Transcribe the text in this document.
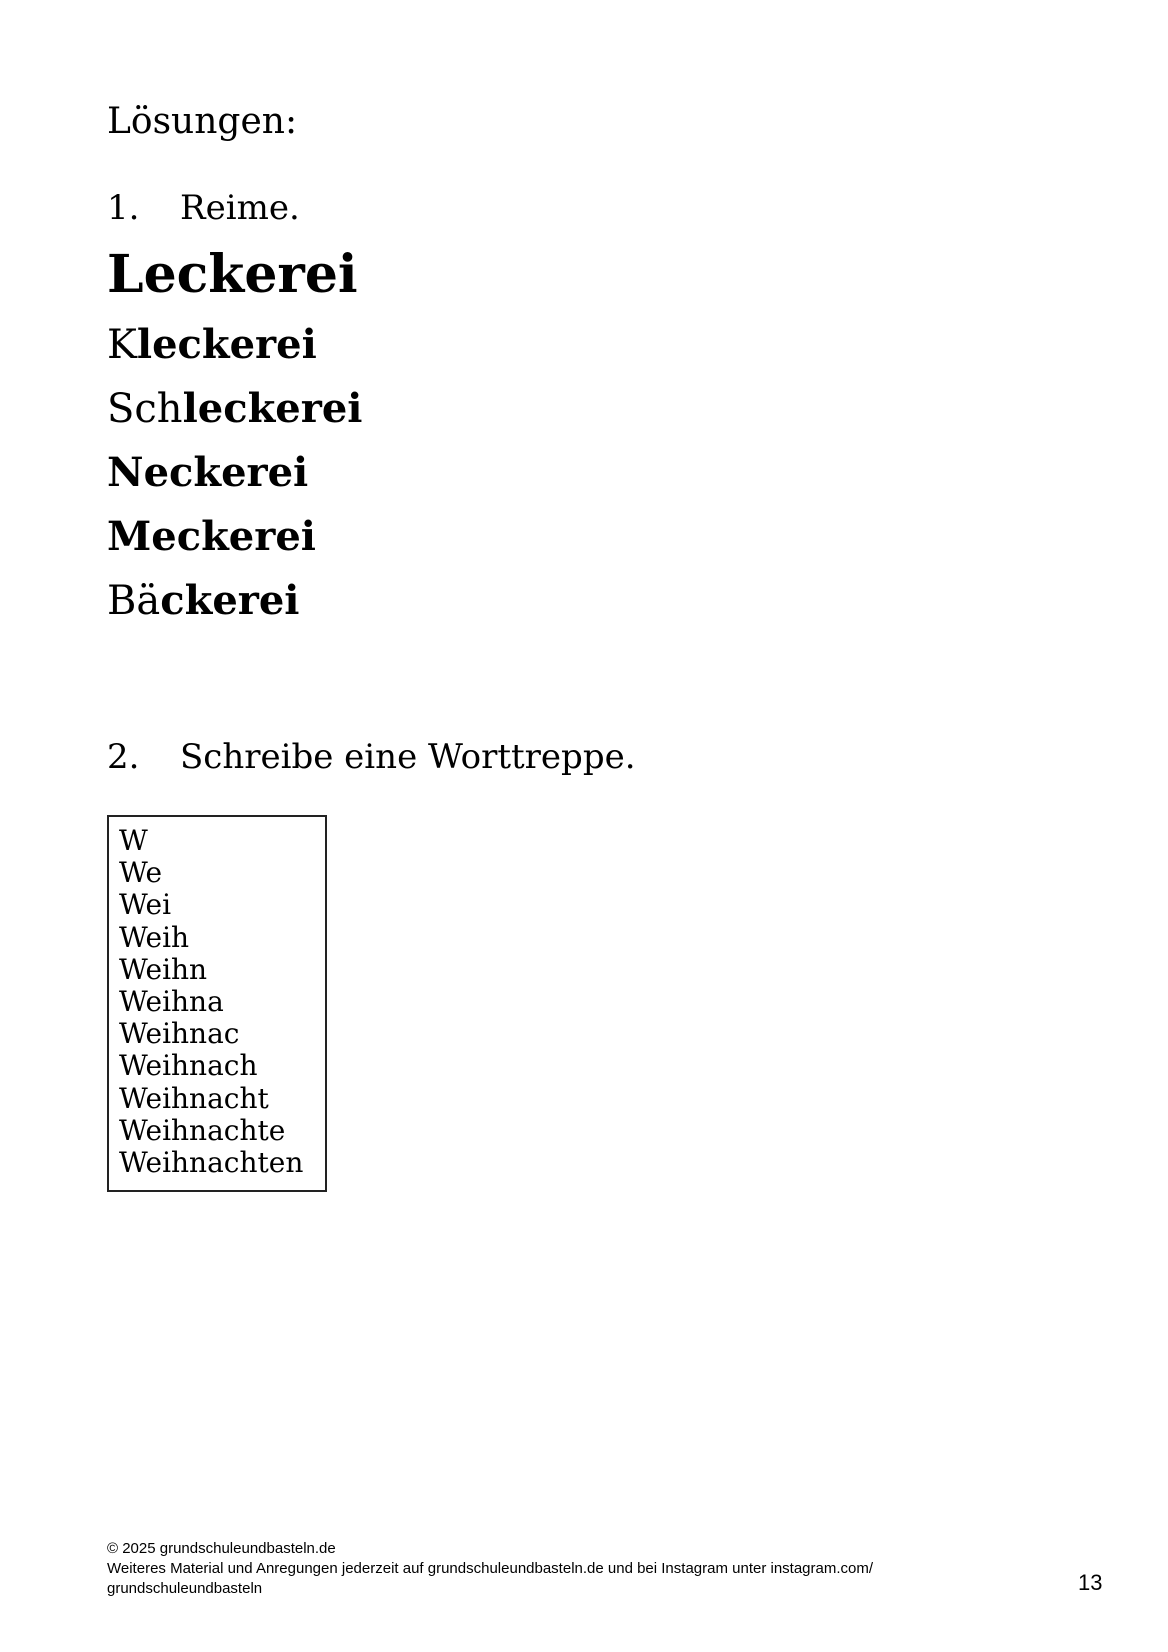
Lösungen:
1. Reime.
Leckerei
Kleckerei
Schleckerei
Neckerei
Meckerei
Bäckerei
2. Schreibe eine Worttreppe.
W
We
Wei
Weih
Weihn
Weihna
Weihnac
Weihnach
Weihnacht
Weihnachte
Weihnachten
© 2025 grundschuleundbasteln.de
Weiteres Material und Anregungen jederzeit auf grundschuleundbasteln.de und bei Instagram unter instagram.com/
grundschuleundbasteln	13
